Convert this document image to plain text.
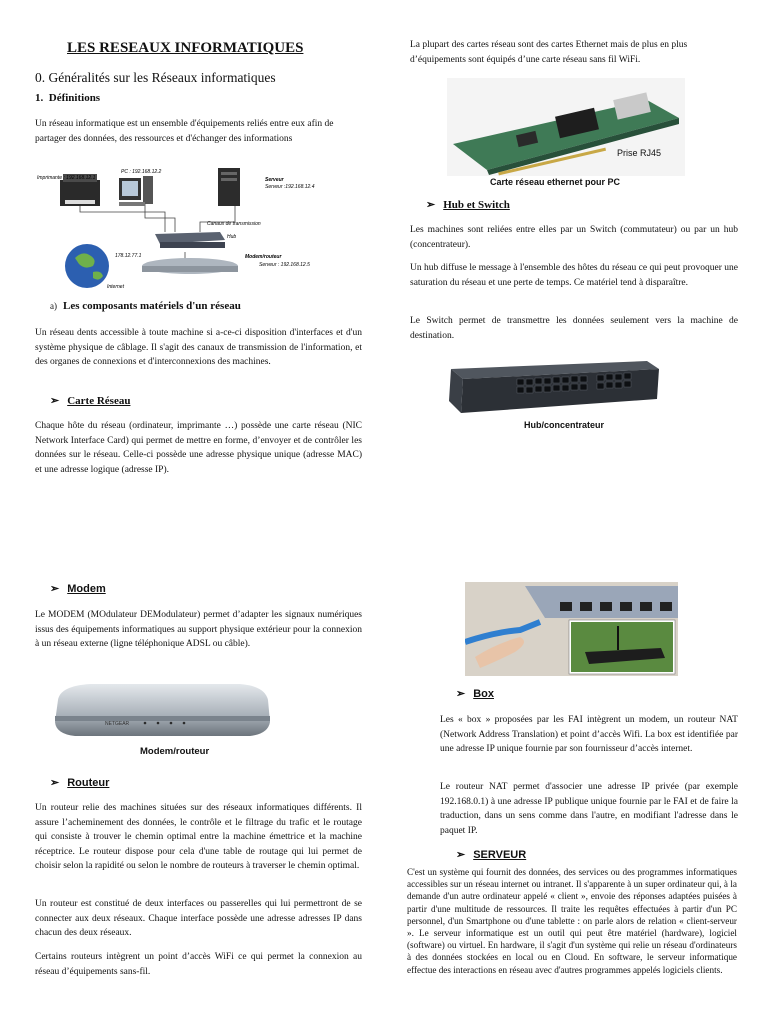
LES RESEAUX INFORMATIQUES
0. Généralités sur les Réseaux informatiques
1. Définitions

Un réseau informatique est un ensemble d'équipements reliés entre eux afin de partager des données, des ressources et d'échanger des informations

Imprimante : 192.168.12.1
PC : 192.168.12.2
Serveur
Serveur :192.168.12.4
Canaux de transmission
Hub
Modem/routeur
Serveur : 192.168.12.5
178.12.77.1
Internet
a) Les composants matériels d'un réseau

Un réseau dents accessible à toute machine si a-ce-ci disposition d'interfaces et d'un système physique de câblage. Il s'agit des canaux de transmission de l'information, et des organes de connexions et d'interconnexions des machines.

➢ Carte Réseau

Chaque hôte du réseau (ordinateur, imprimante …) possède une carte réseau (NIC Network Interface Card) qui permet de mettre en forme, d’envoyer et de contrôler les données sur le réseau. Celle-ci possède une adresse physique unique (adresse MAC) et une adresse logique (adresse IP).

➢ Modem

Le MODEM (MOdulateur DEModulateur) permet d’adapter les signaux numériques issus des équipements informatiques au support physique extérieur pour la connexion à un réseau externe (ligne téléphonique ADSL ou câble).

NETGEAR
Modem/routeur
➢ Routeur

Un routeur relie des machines situées sur des réseaux informatiques différents. Il assure l’acheminement des données, le contrôle et le filtrage du trafic et le routage qui consiste à trouver le chemin optimal entre la machine émettrice et la machine réceptrice. Le routeur dispose pour cela d'une table de routage qui lui permet de choisir selon la rapidité ou selon le nombre de routeurs à traverser le chemin optimal.

Un routeur est constitué de deux interfaces ou passerelles qui lui permettront de se connecter aux deux réseaux. Chaque interface possède une adresse adresses IP dans chacun des deux réseaux.

Certains routeurs intègrent un point d’accès WiFi ce qui permet la connexion au réseau d’équipements sans-fil.

La plupart des cartes réseau sont des cartes Ethernet mais de plus en plus d’équipements sont équipés d’une carte réseau sans fil WiFi.

Prise RJ45
Carte réseau ethernet pour PC
➢ Hub et Switch

Les machines sont reliées entre elles par un Switch (commutateur) ou par un hub (concentrateur).

Un hub diffuse le message à l'ensemble des hôtes du réseau ce qui peut provoquer une saturation du réseau et une perte de temps. Ce matériel tend à disparaître.

Le Switch permet de transmettre les données seulement vers la machine de destination.

Hub/concentrateur
➢ Box

Les « box » proposées par les FAI intègrent un modem, un routeur NAT (Network Address Translation) et point d’accès Wifi. La box est identifiée par une adresse IP unique fournie par son fournisseur d’accès internet.

Le routeur NAT permet d'associer une adresse IP privée (par exemple 192.168.0.1) à une adresse IP publique unique fournie par le FAI et de faire la traduction, dans un sens comme dans l'autre, en modifiant l'adresse dans le paquet IP.

➢ SERVEUR

C'est un système qui fournit des données, des services ou des programmes informatiques accessibles sur un réseau internet ou intranet. Il s'apparente à un super ordinateur qui, à la demande d'un autre ordinateur appelé « client », envoie des réponses adaptées puisées à partir d'une multitude de ressources. Il traite les requêtes effectuées à partir d'un PC personnel, d'un Smartphone ou d'une tablette : on parle alors de relation « client-serveur ». Le serveur informatique est un outil qui peut être matériel (hardware), logiciel (software) ou virtuel. En hardware, il s'agit d'un système qui relie un réseau d'ordinateurs à des données stockées en local ou en Cloud. En software, le serveur informatique effectue des interactions en réseau avec d'autres programmes appelés logiciels clients.
